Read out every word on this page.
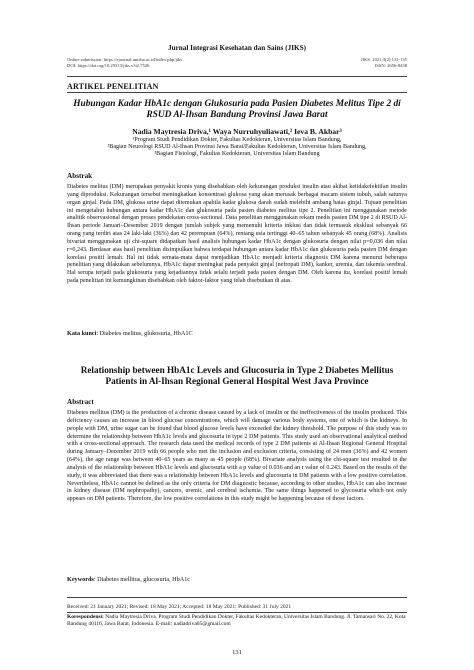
Jurnal Integrasi Kesehatan dan Sains (JIKS)
Online submission: https://ejournal.unisba.ac.id/index.php/jiks
DOI: https://doi.org/10.29313/jiks.v3i2.7526
JIKS. 2021;3(2):131-135
ISSN: 2656-8438
ARTIKEL PENELITIAN
Hubungan Kadar HbA1c dengan Glukosuria pada Pasien Diabetes Melitus Tipe 2 di RSUD Al-Ihsan Bandung Provinsi Jawa Barat
Nadia Maytresia Driva,¹ Waya Nurruhyuliawati,² Ieva B. Akbar³
¹Program Studi Pendidikan Dokter, Fakultas Kedokteran, Universitas Islam Bandung,
²Bagian Neurologi RSUD Al-Ihsan Provinsi Jawa Barat/Fakultas Kedokteran, Universitas Islam Bandung,
³Bagian Fisiologi, Fakultas Kedokteran, Universitas Islam Bandung
Abstrak
Diabetes melitus (DM) merupakan penyakit kronis yang disebabkan oleh kekurangan produksi insulin atau akibat ketidakefektifan insulin yang diproduksi. Kekurangan tersebut meningkatkan konsentrasi glukosa yang akan merusak berbagai macam sistem tubuh, salah satunya organ ginjal. Pada DM, glukosa urine dapat ditemukan apabila kadar glukosa darah sudah melebihi ambang batas ginjal. Tujuan penelitian ini mengetahui hubungan antara kadar HbA1c dan glukosuria pada pasien diabetes melitus tipe 2. Penelitian ini menggunakan metode analitik observasional dengan proses pendekatan cross-sectional. Data penelitian menggunakan rekam medis pasien DM tipe 2 di RSUD Al-Ihsan periode Januari–Desember 2019 dengan jumlah subjek yang memenuhi kriteria inklusi dan tidak termasuk eksklusi sebanyak 66 orang yang terdiri atas 24 laki-laki (36%) dan 42 perempuan (64%), rentang usia tertinggi 40–65 tahun sebanyak 45 orang (68%). Analisis bivariat menggunakan uji chi-square didapatkan hasil analisis hubungan kadar HbA1c dengan glukosuria dengan nilai p=0,036 dan nilai r=0,243. Berdasar atas hasil penelitian disimpulkan bahwa terdapat hubungan antara kadar HbA1c dan glukosuria pada pasien DM dengan korelasi positif lemah. Hal ini tidak semata-mata dapat menjadikan HbA1c menjadi kriteria diagnosis DM karena menurut beberapa penelitian yang dilakukan sebelumnya, HbA1c dapat meningkat pada penyakit ginjal (nefropati DM), kanker, uremia, dan iskemia serebral. Hal serupa terjadi pada glukosuria yang kejadiannya tidak selalu terjadi pada pasien dengan DM. Oleh karena itu, korelasi positif lemah pada penelitian ini kemungkinan disebabkan oleh faktor-faktor yang telah disebutkan di atas.
Kata kunci: Diabetes melitus, glukosuria, HbA1C
Relationship between HbA1c Levels and Glucosuria in Type 2 Diabetes Mellitus Patients in Al-Ihsan Regional General Hospital West Java Province
Abstract
Diabetes mellitus (DM) is the production of a chronic disease caused by a lack of insulin or the ineffectiveness of the insulin produced. This deficiency causes an increase in blood glucose concentrations, which will damage various body systems, one of which is the kidneys. In people with DM, urine sugar can be found that blood glucose levels have exceeded the kidney threshold. The purpose of this study was to determine the relationship between HbA1c levels and glucosuria in type 2 DM patients. This study used an observational analytical method with a cross-sectional approach. The research data used the medical records of type 2 DM patients at Al-Ihsan Regional General Hospital during January–December 2019 with 66 people who met the inclusion and exclusion criteria, consisting of 24 men (36%) and 42 women (64%), the age range was between 40–65 years as many as 45 people (68%). Bivariate analysis using the chi-square test resulted in the analysis of the relationship between HbA1c levels and glucosuria with a p value of 0.036 and an r value of 0.243. Based on the results of the study, it was abbreviated that there was a relationship between HbA1c levels and glucosuria in DM patients with a low positive correlation. Nevertheless, HbA1c cannot be defined as the only criteria for DM diagnostic because, according to other studies, HbA1c can also increase in kidney disease (DM nephropathy), cancers, uremic, and cerebral ischemia. The same things happened to glycosuria which not only appears on DM patients. Therefore, the low positive correlations in this study might be happening because of those factors.
Keywords: Diabetes mellitus, glucosuria, HbA1c
Received: 21 January 2021; Revised: 18 May 2021; Accepted: 18 May 2021; Published: 31 July 2021
Korespondensi: Nadia Maytresia Driva. Program Studi Pendidikan Dokter, Fakultas Kedokteran, Universitas Islam Bandung. Jl. Tamansari No. 22, Kota Bandung 40116, Jawa Barat, Indonesia. E-mail: nadiadriva05@gmail.com
131
